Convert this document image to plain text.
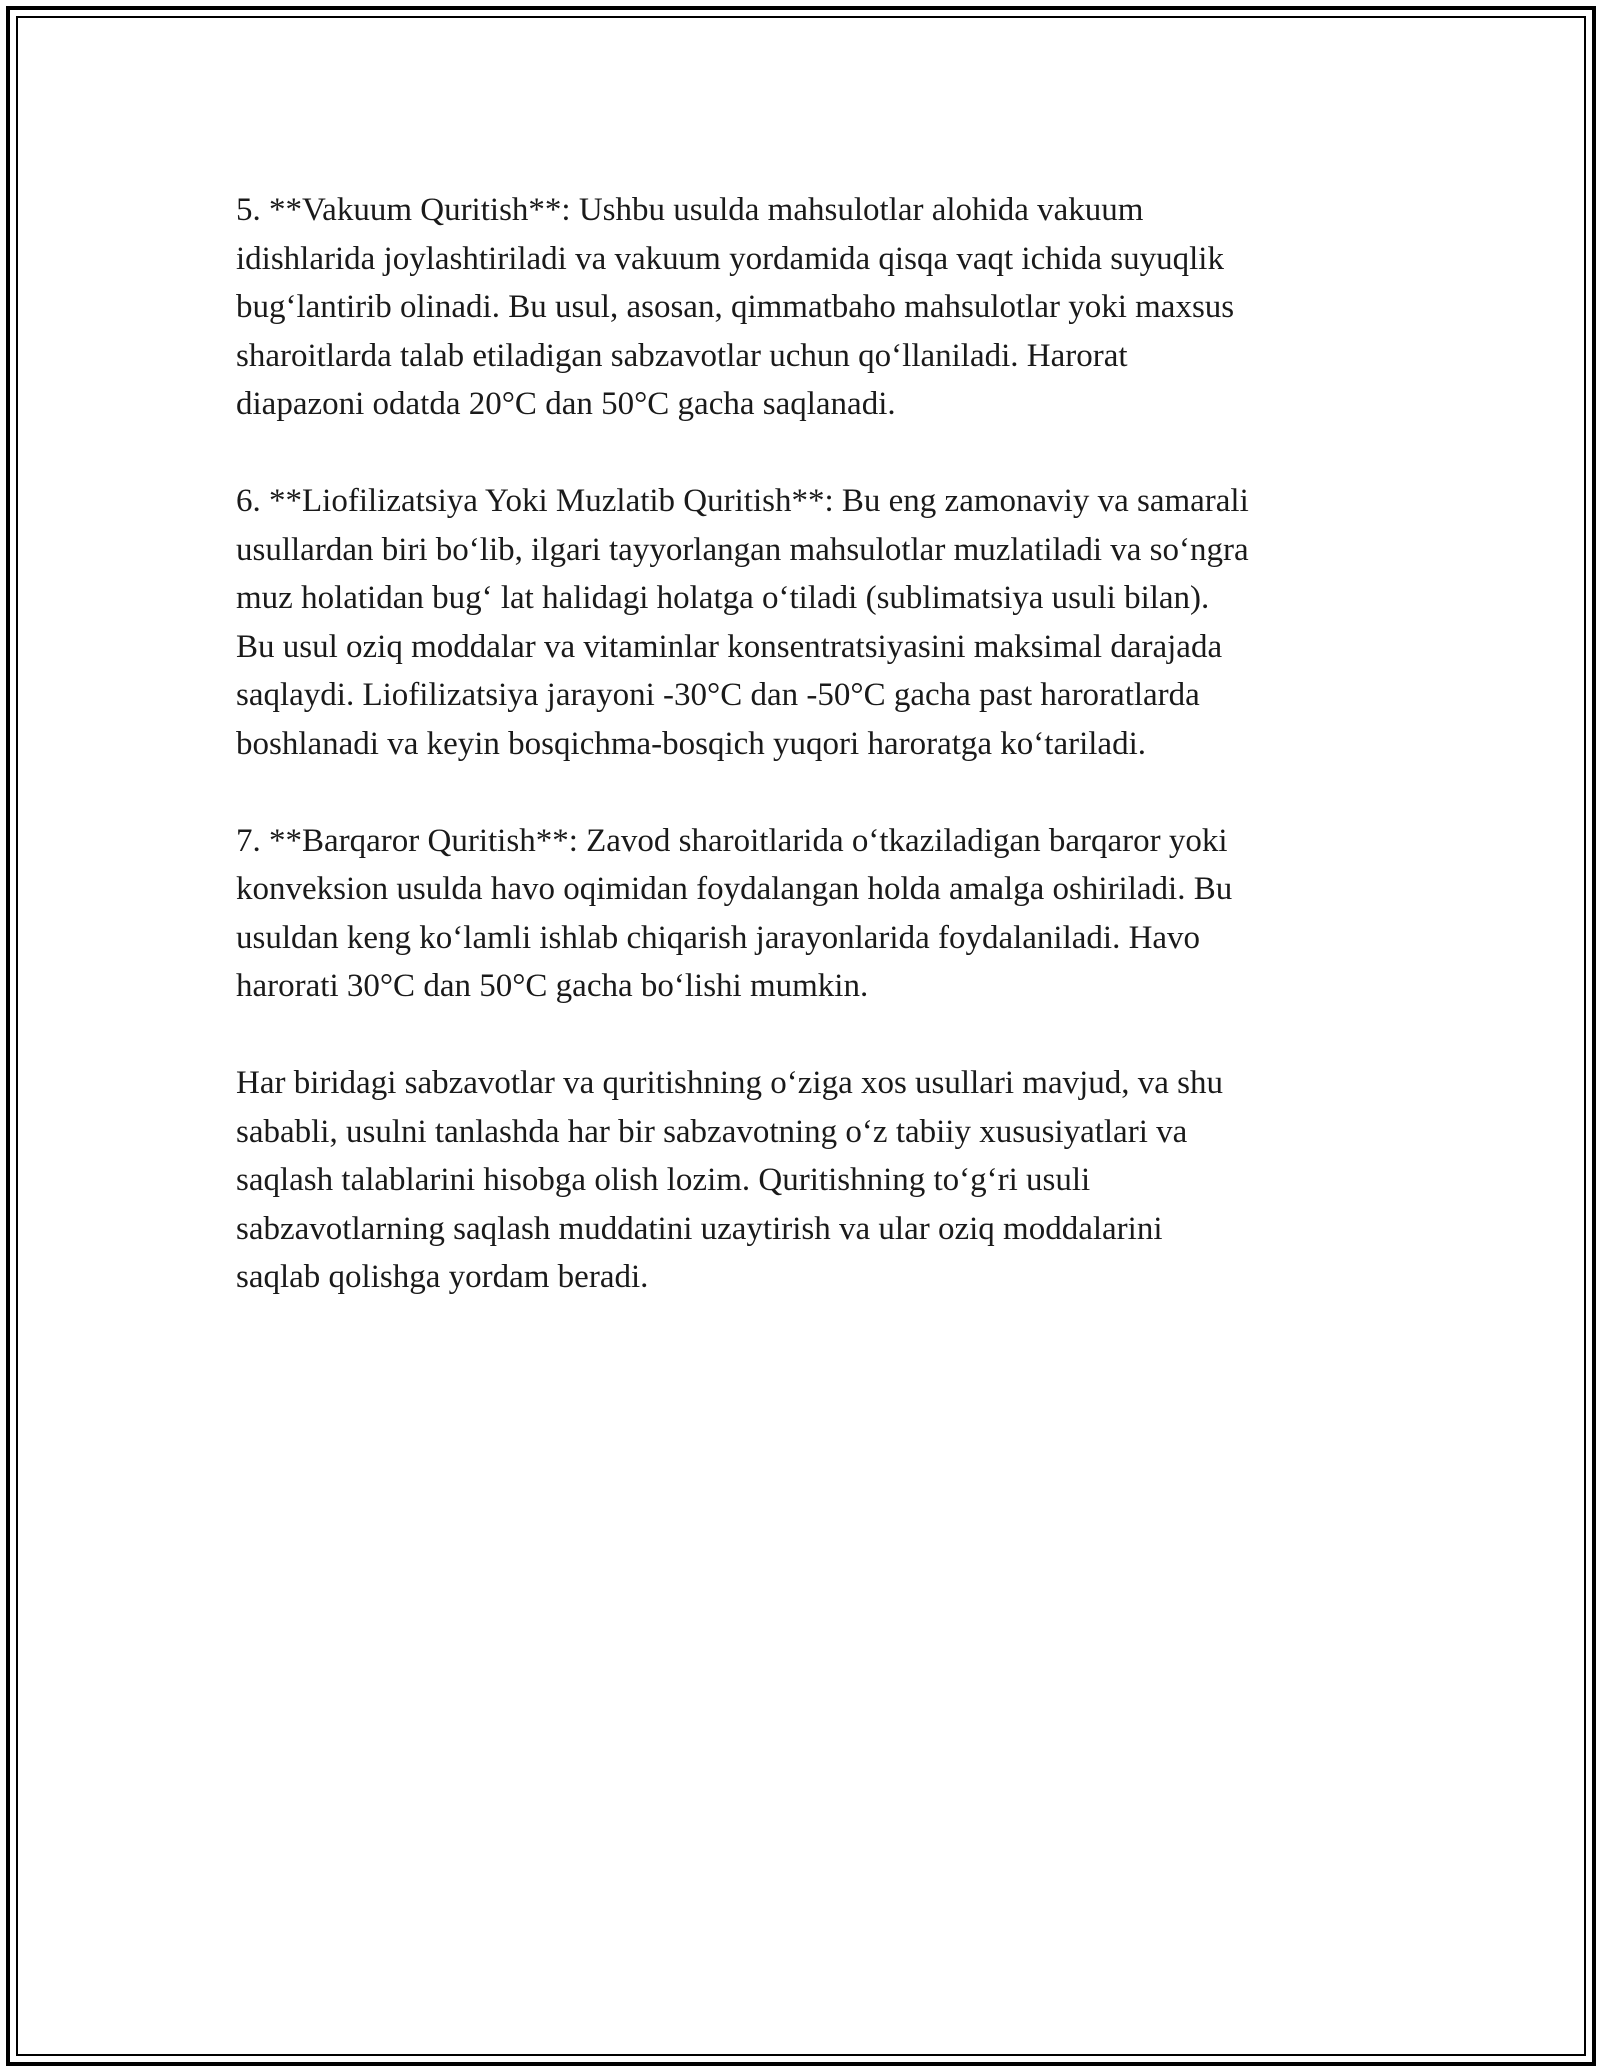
5. **Vakuum Quritish**: Ushbu usulda mahsulotlar alohida vakuum
idishlarida joylashtiriladi va vakuum yordamida qisqa vaqt ichida suyuqlik
bug‘lantirib olinadi. Bu usul, asosan, qimmatbaho mahsulotlar yoki maxsus
sharoitlarda talab etiladigan sabzavotlar uchun qo‘llaniladi. Harorat
diapazoni odatda 20°C dan 50°C gacha saqlanadi.

6. **Liofilizatsiya Yoki Muzlatib Quritish**: Bu eng zamonaviy va samarali
usullardan biri bo‘lib, ilgari tayyorlangan mahsulotlar muzlatiladi va so‘ngra
muz holatidan bug‘ lat halidagi holatga o‘tiladi (sublimatsiya usuli bilan).
Bu usul oziq moddalar va vitaminlar konsentratsiyasini maksimal darajada
saqlaydi. Liofilizatsiya jarayoni -30°C dan -50°C gacha past haroratlarda
boshlanadi va keyin bosqichma-bosqich yuqori haroratga ko‘tariladi.

7. **Barqaror Quritish**: Zavod sharoitlarida o‘tkaziladigan barqaror yoki
konveksion usulda havo oqimidan foydalangan holda amalga oshiriladi. Bu
usuldan keng ko‘lamli ishlab chiqarish jarayonlarida foydalaniladi. Havo
harorati 30°C dan 50°C gacha bo‘lishi mumkin.

Har biridagi sabzavotlar va quritishning o‘ziga xos usullari mavjud, va shu
sababli, usulni tanlashda har bir sabzavotning o‘z tabiiy xususiyatlari va
saqlash talablarini hisobga olish lozim. Quritishning to‘g‘ri usuli
sabzavotlarning saqlash muddatini uzaytirish va ular oziq moddalarini
saqlab qolishga yordam beradi.
